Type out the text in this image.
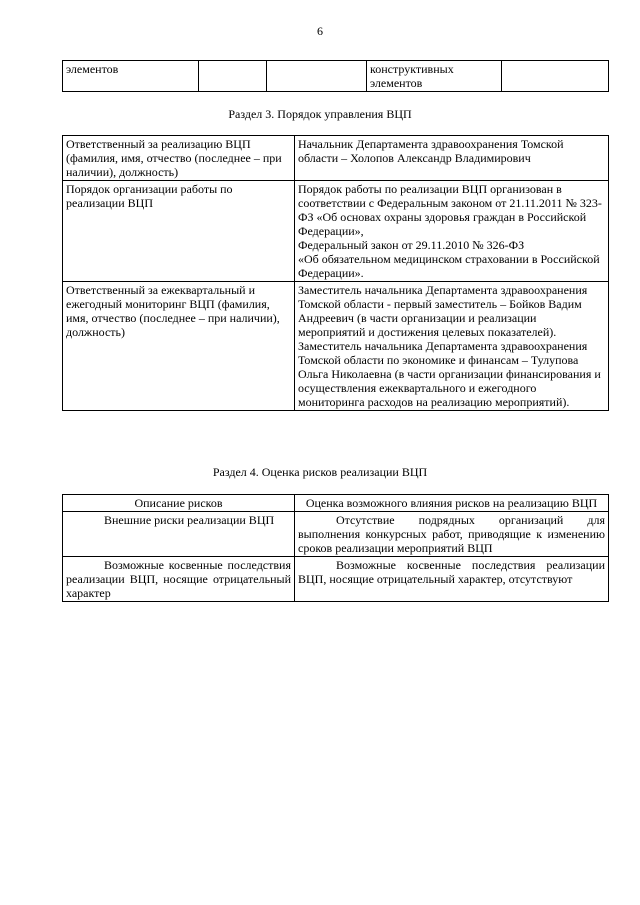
6
элементов			конструктивных элементов	
Раздел 3. Порядок управления ВЦП
Ответственный за реализацию ВЦП (фамилия, имя, отчество (последнее – при наличии), должность)	Начальник Департамента здравоохранения Томской области – Холопов Александр Владимирович

Порядок организации работы по реализации ВЦП	Порядок работы по реализации ВЦП организован в соответствии с Федеральным законом от 21.11.2011 № 323-ФЗ «Об основах охраны здоровья граждан в Российской Федерации»,
Федеральный закон от 29.11.2010 № 326-ФЗ
«Об обязательном медицинском страховании в Российской Федерации».

Ответственный за ежеквартальный и ежегодный мониторинг ВЦП (фамилия, имя, отчество (последнее – при наличии), должность)	Заместитель начальника Департамента здравоохранения Томской области - первый заместитель – Бойков Вадим Андреевич (в части организации и реализации мероприятий и достижения целевых показателей).
Заместитель начальника Департамента здравоохранения Томской области по экономике и финансам – Тулупова Ольга Николаевна (в части организации финансирования и осуществления ежеквартального и ежегодного мониторинга расходов на реализацию мероприятий).
Раздел 4. Оценка рисков реализации ВЦП
Описание рисков	Оценка возможного влияния рисков на реализацию ВЦП
Внешние риски реализации ВЦП	Отсутствие подрядных организаций для выполнения конкурсных работ, приводящие к изменению сроков реализации мероприятий ВЦП
Возможные косвенные последствия реализации ВЦП, носящие отрицательный характер	Возможные косвенные последствия реализации ВЦП, носящие отрицательный характер, отсутствуют
